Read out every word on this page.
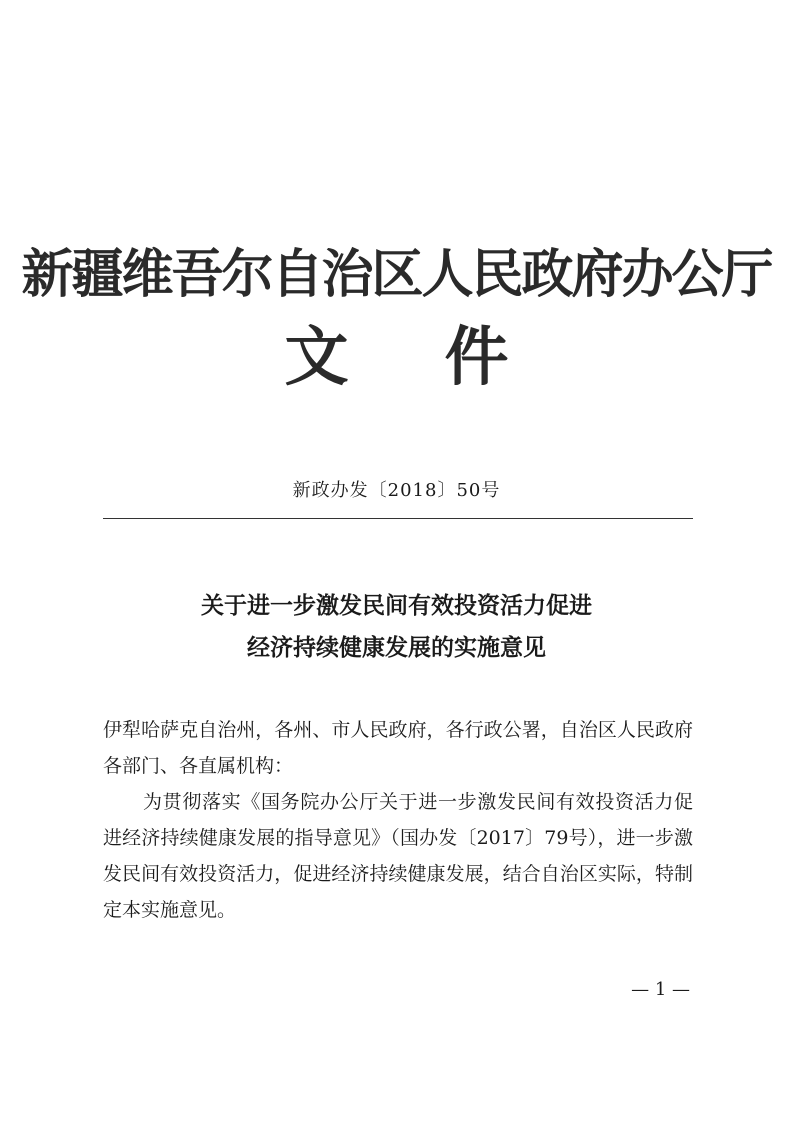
新疆维吾尔自治区人民政府办公厅
文 件
新政办发〔2018〕50号
关于进一步激发民间有效投资活力促进
经济持续健康发展的实施意见

伊犁哈萨克自治州，各州、市人民政府，各行政公署，自治区人民政府各部门、各直属机构：

为贯彻落实《国务院办公厅关于进一步激发民间有效投资活力促进经济持续健康发展的指导意见》（国办发〔2017〕79号），进一步激发民间有效投资活力，促进经济持续健康发展，结合自治区实际，特制定本实施意见。

— 1 —
